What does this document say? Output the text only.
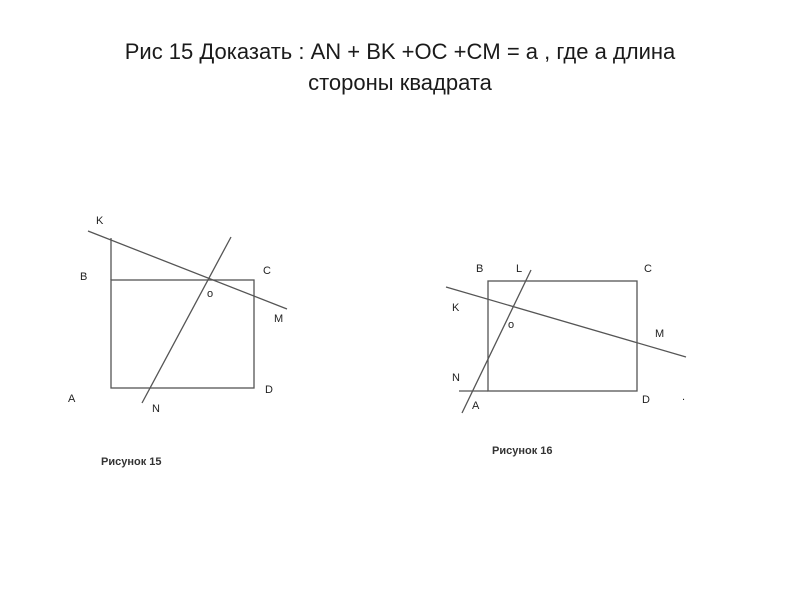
Рис 15 Доказать : AN + BK +OC +CM = a , где a длина
стороны квадрата
K
B	C
o
M
A
D
N
Рисунок 15
B	L	C
K
o
M
N
A	D	.
Рисунок 16
